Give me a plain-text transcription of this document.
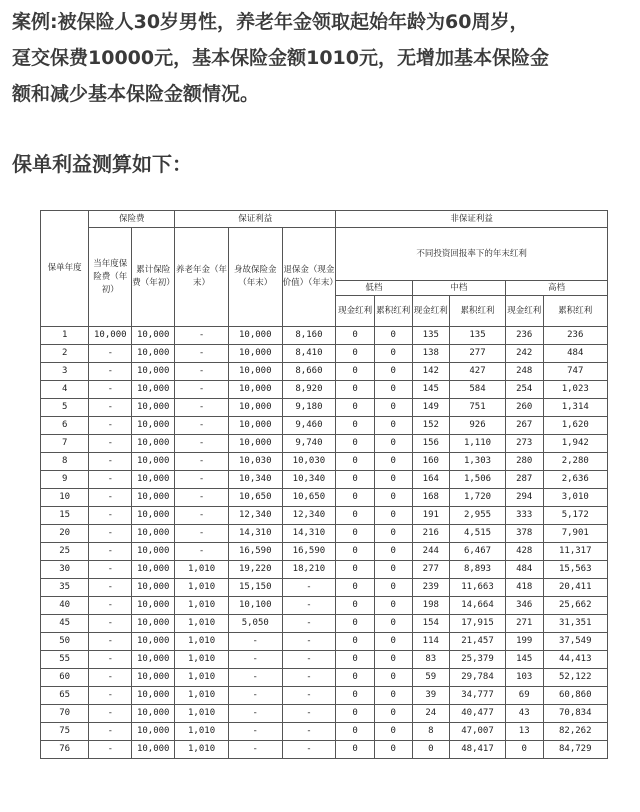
案例:被保险人30岁男性，养老年金领取起始年龄为60周岁，
趸交保费10000元，基本保险金额1010元，无增加基本保险金
额和减少基本保险金额情况。
保单利益测算如下：
保单年度	保险费		保证利益			非保证利益					
	当年度保险费（年初）	累计保险费（年初）	养老年金（年末）	身故保险金（年末）	退保金（现金价值）（年末）	不同投资回报率下的年末红利					
						低档		中档		高档	
						现金红利	累积红利	现金红利	累积红利	现金红利	累积红利
1	10,000	10,000	-	10,000	8,160	0	0	135	135	236	236
2	-	10,000	-	10,000	8,410	0	0	138	277	242	484
3	-	10,000	-	10,000	8,660	0	0	142	427	248	747
4	-	10,000	-	10,000	8,920	0	0	145	584	254	1,023
5	-	10,000	-	10,000	9,180	0	0	149	751	260	1,314
6	-	10,000	-	10,000	9,460	0	0	152	926	267	1,620
7	-	10,000	-	10,000	9,740	0	0	156	1,110	273	1,942
8	-	10,000	-	10,030	10,030	0	0	160	1,303	280	2,280
9	-	10,000	-	10,340	10,340	0	0	164	1,506	287	2,636
10	-	10,000	-	10,650	10,650	0	0	168	1,720	294	3,010
15	-	10,000	-	12,340	12,340	0	0	191	2,955	333	5,172
20	-	10,000	-	14,310	14,310	0	0	216	4,515	378	7,901
25	-	10,000	-	16,590	16,590	0	0	244	6,467	428	11,317
30	-	10,000	1,010	19,220	18,210	0	0	277	8,893	484	15,563
35	-	10,000	1,010	15,150	-	0	0	239	11,663	418	20,411
40	-	10,000	1,010	10,100	-	0	0	198	14,664	346	25,662
45	-	10,000	1,010	5,050	-	0	0	154	17,915	271	31,351
50	-	10,000	1,010	-	-	0	0	114	21,457	199	37,549
55	-	10,000	1,010	-	-	0	0	83	25,379	145	44,413
60	-	10,000	1,010	-	-	0	0	59	29,784	103	52,122
65	-	10,000	1,010	-	-	0	0	39	34,777	69	60,860
70	-	10,000	1,010	-	-	0	0	24	40,477	43	70,834
75	-	10,000	1,010	-	-	0	0	8	47,007	13	82,262
76	-	10,000	1,010	-	-	0	0	0	48,417	0	84,729
